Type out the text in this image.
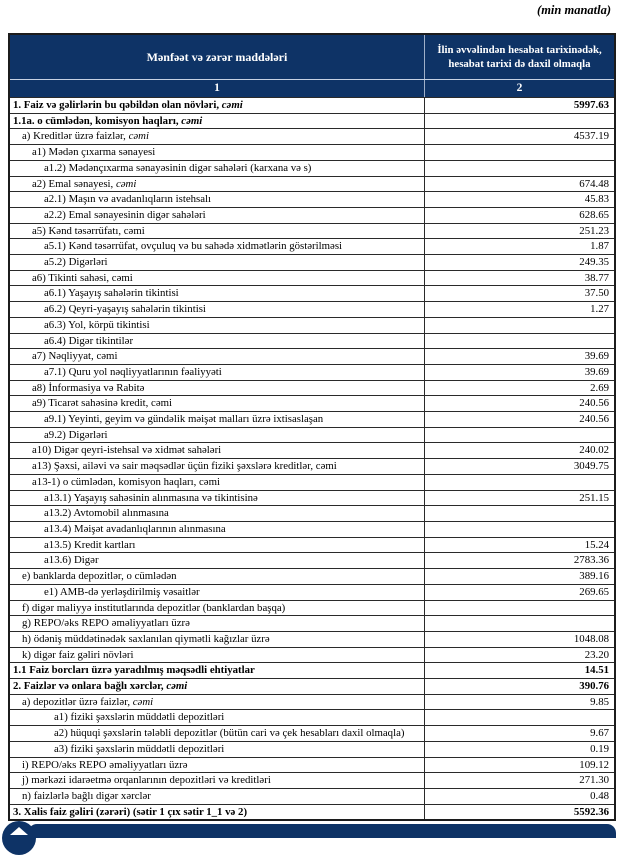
(min manatla)
Mənfəət və zərər maddələri	İlin əvvəlindən hesabat tarixinədək,
hesabat tarixi də daxil olmaqla
1	2
1. Faiz və gəlirlərin bu qəbildən olan növləri, cəmi	5997.63
1.1a. o cümlədən, komisyon haqları, cəmi
a) Kreditlər üzrə faizlər, cəmi	4537.19
a1) Mədən çıxarma sənayesi
a1.2) Mədənçıxarma sənayəsinin digər sahələri (karxana və s)
a2) Emal sənayesi, cəmi	674.48
a2.1) Maşın və avadanlıqların istehsalı	45.83
a2.2) Emal sənayesinin digər sahələri	628.65
a5) Kənd təsərrüfatı, cəmi	251.23
a5.1) Kənd təsərrüfat, ovçuluq və bu sahədə xidmətlərin göstərilməsi	1.87
a5.2) Digərləri	249.35
a6) Tikinti sahəsi, cəmi	38.77
a6.1) Yaşayış sahələrin tikintisi	37.50
a6.2) Qeyri-yaşayış sahələrin tikintisi	1.27
a6.3) Yol, körpü tikintisi
a6.4) Digər tikintilər
a7) Nəqliyyat, cəmi	39.69
a7.1) Quru yol nəqliyyatlarının fəaliyyəti	39.69
a8) İnformasiya və Rabitə	2.69
a9) Ticarət sahəsinə kredit, cəmi	240.56
a9.1) Yeyinti, geyim və gündəlik məişət malları üzrə ixtisaslaşan	240.56
a9.2) Digərləri
a10) Digər qeyri-istehsal və xidmət sahələri	240.02
a13) Şəxsi, ailəvi və sair məqsədlər üçün fiziki şəxslərə kreditlər, cəmi	3049.75
a13-1) o cümlədən, komisyon haqları, cəmi
a13.1) Yaşayış sahəsinin alınmasına və tikintisinə	251.15
a13.2) Avtomobil alınmasına
a13.4) Məişət avadanlıqlarının alınmasına
a13.5) Kredit kartları	15.24
a13.6) Digər	2783.36
e) banklarda depozitlər, o cümlədən	389.16
e1) AMB-də yerləşdirilmiş vəsaitlər	269.65
f) digər maliyyə institutlarında depozitlər (banklardan başqa)
g) REPO/əks REPO əməliyyatları üzrə
h) ödəniş müddətinədək saxlanılan qiymətli kağızlar üzrə	1048.08
k) digər faiz gəliri növləri	23.20
1.1 Faiz borcları üzrə yaradılmış məqsədli ehtiyatlar	14.51
2. Faizlər və onlara bağlı xərclər, cəmi	390.76
a) depozitlər üzrə faizlər, cəmi	9.85
a1) fiziki şəxslərin müddətli depozitləri
a2) hüquqi şəxslərin tələbli depozitlər (bütün cari və çek hesabları daxil olmaqla)	9.67
a3) fiziki şəxslərin müddətli depozitləri	0.19
i) REPO/əks REPO əməliyyatları üzrə	109.12
j) mərkəzi idarəetmə orqanlarının depozitləri və kreditləri	271.30
n) faizlərlə bağlı digər xərclər	0.48
3. Xalis faiz gəliri (zərəri) (sətir 1 çıx sətir 1_1 və 2)	5592.36
